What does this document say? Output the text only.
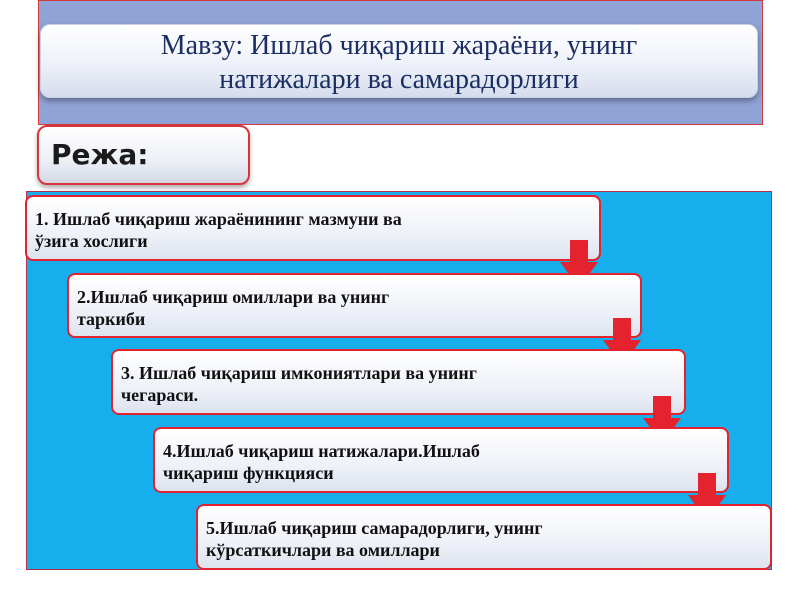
Мавзу: Ишлаб чиқариш жараёни, унинг
натижалари ва самарадорлиги
Режа:
1. Ишлаб чиқариш жараёнининг мазмуни ва
ўзига хослиги
2.Ишлаб чиқариш омиллари ва унинг
таркиби
3. Ишлаб чиқариш имкониятлари ва унинг
чегараси.
4.Ишлаб чиқариш натижалари.Ишлаб
чиқариш функцияси
5.Ишлаб чиқариш самарадорлиги, унинг
кўрсаткичлари ва омиллари
